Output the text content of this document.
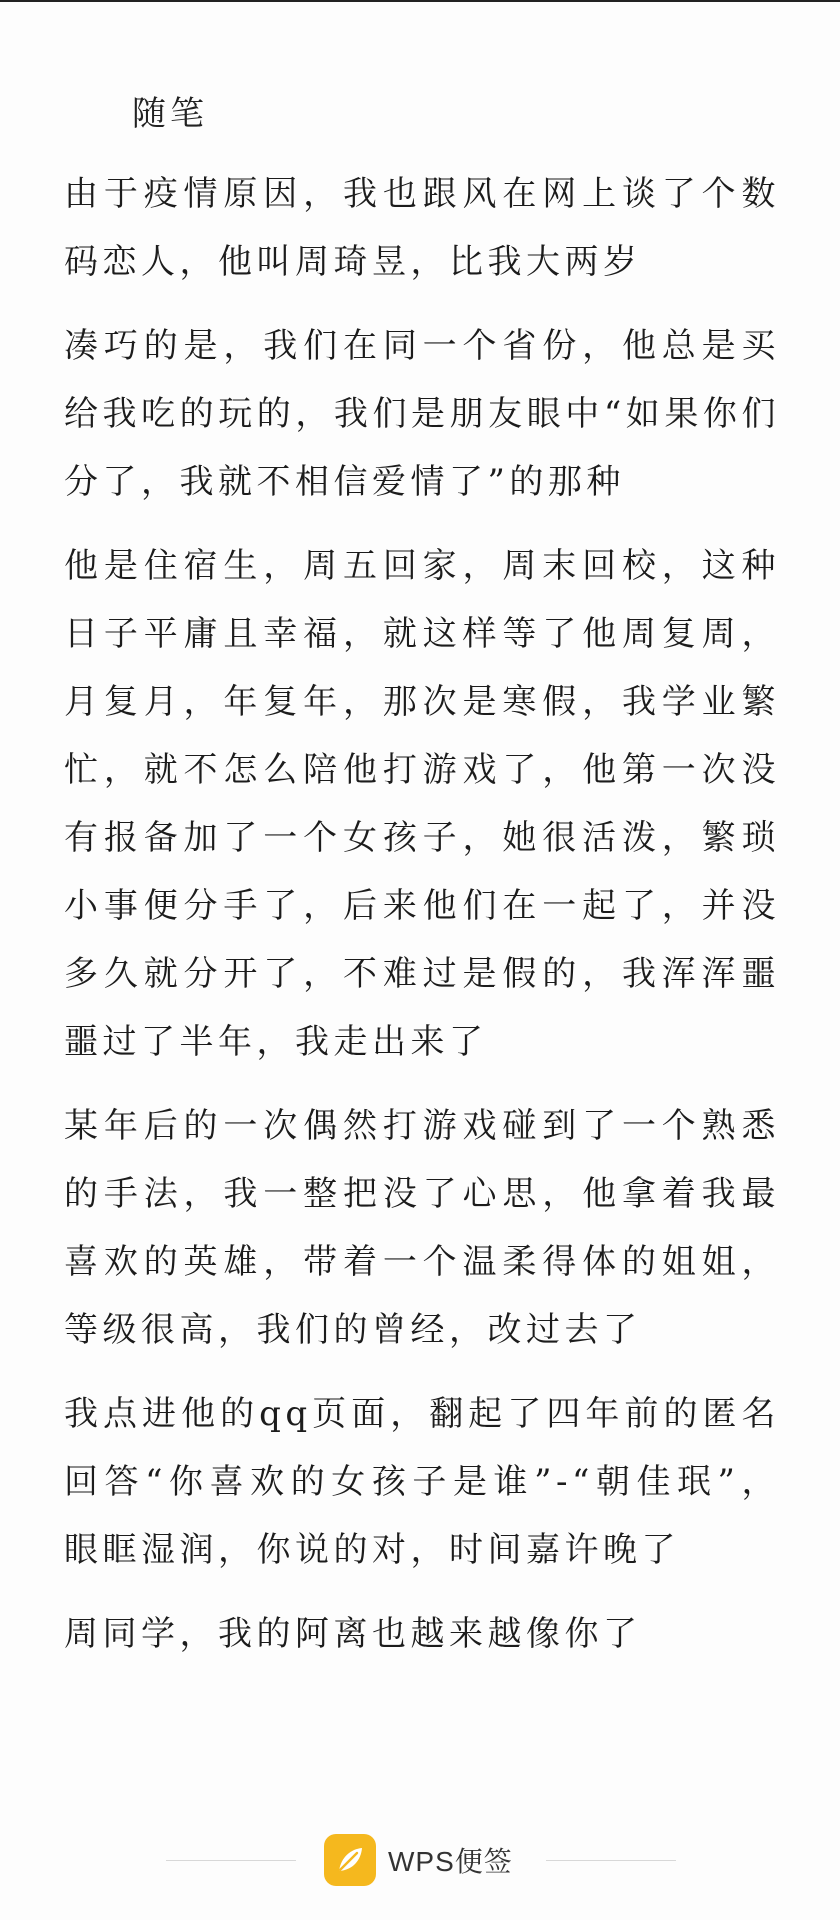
随笔

由于疫情原因，我也跟风在网上谈了个数码恋人，他叫周琦昱，比我大两岁

凑巧的是，我们在同一个省份，他总是买给我吃的玩的，我们是朋友眼中“如果你们分了，我就不相信爱情了”的那种

他是住宿生，周五回家，周末回校，这种日子平庸且幸福，就这样等了他周复周，月复月，年复年，那次是寒假，我学业繁忙，就不怎么陪他打游戏了，他第一次没有报备加了一个女孩子，她很活泼，繁琐小事便分手了，后来他们在一起了，并没多久就分开了，不难过是假的，我浑浑噩噩过了半年，我走出来了

某年后的一次偶然打游戏碰到了一个熟悉的手法，我一整把没了心思，他拿着我最喜欢的英雄，带着一个温柔得体的姐姐，等级很高，我们的曾经，改过去了

我点进他的qq页面，翻起了四年前的匿名回答“你喜欢的女孩子是谁”-“朝佳珉”，眼眶湿润，你说的对，时间嘉许晚了

周同学，我的阿离也越来越像你了

WPS便签
